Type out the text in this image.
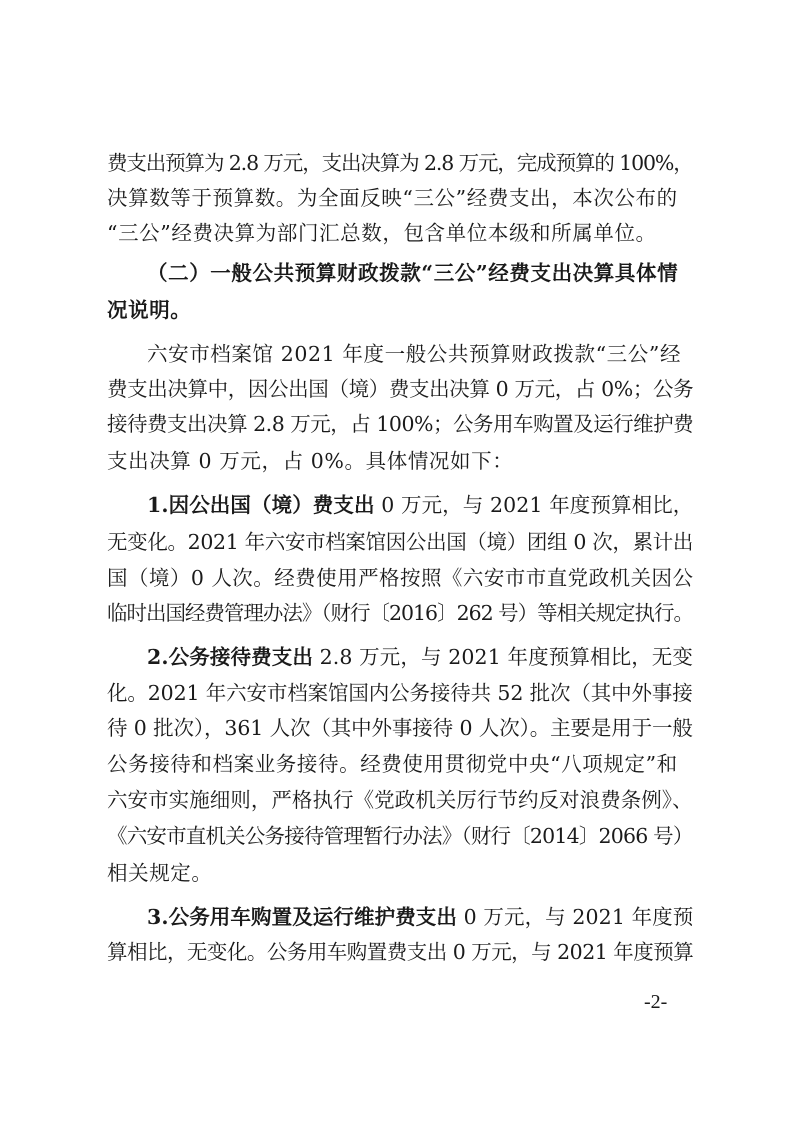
费支出预算为 2.8 万元，支出决算为 2.8 万元，完成预算的 100%，
决算数等于预算数。为全面反映“三公”经费支出，本次公布的
“三公”经费决算为部门汇总数，包含单位本级和所属单位。
（二）一般公共预算财政拨款“三公”经费支出决算具体情
况说明。
六安市档案馆 2021 年度一般公共预算财政拨款“三公”经
费支出决算中，因公出国（境）费支出决算 0 万元，占 0%；公务
接待费支出决算 2.8 万元，占 100%；公务用车购置及运行维护费
支出决算 0 万元，占 0%。具体情况如下：
1.因公出国（境）费支出 0 万元，与 2021 年度预算相比，
无变化。2021 年六安市档案馆因公出国（境）团组 0 次，累计出
国（境）0 人次。经费使用严格按照《六安市市直党政机关因公
临时出国经费管理办法》（财行〔2016〕262 号）等相关规定执行。
2.公务接待费支出 2.8 万元，与 2021 年度预算相比，无变
化。2021 年六安市档案馆国内公务接待共 52 批次（其中外事接
待 0 批次），361 人次（其中外事接待 0 人次）。主要是用于一般
公务接待和档案业务接待。经费使用贯彻党中央“八项规定”和
六安市实施细则，严格执行《党政机关厉行节约反对浪费条例》、
《六安市直机关公务接待管理暂行办法》（财行〔2014〕2066 号）
相关规定。
3.公务用车购置及运行维护费支出 0 万元，与 2021 年度预
算相比，无变化。公务用车购置费支出 0 万元，与 2021 年度预算
-2-
